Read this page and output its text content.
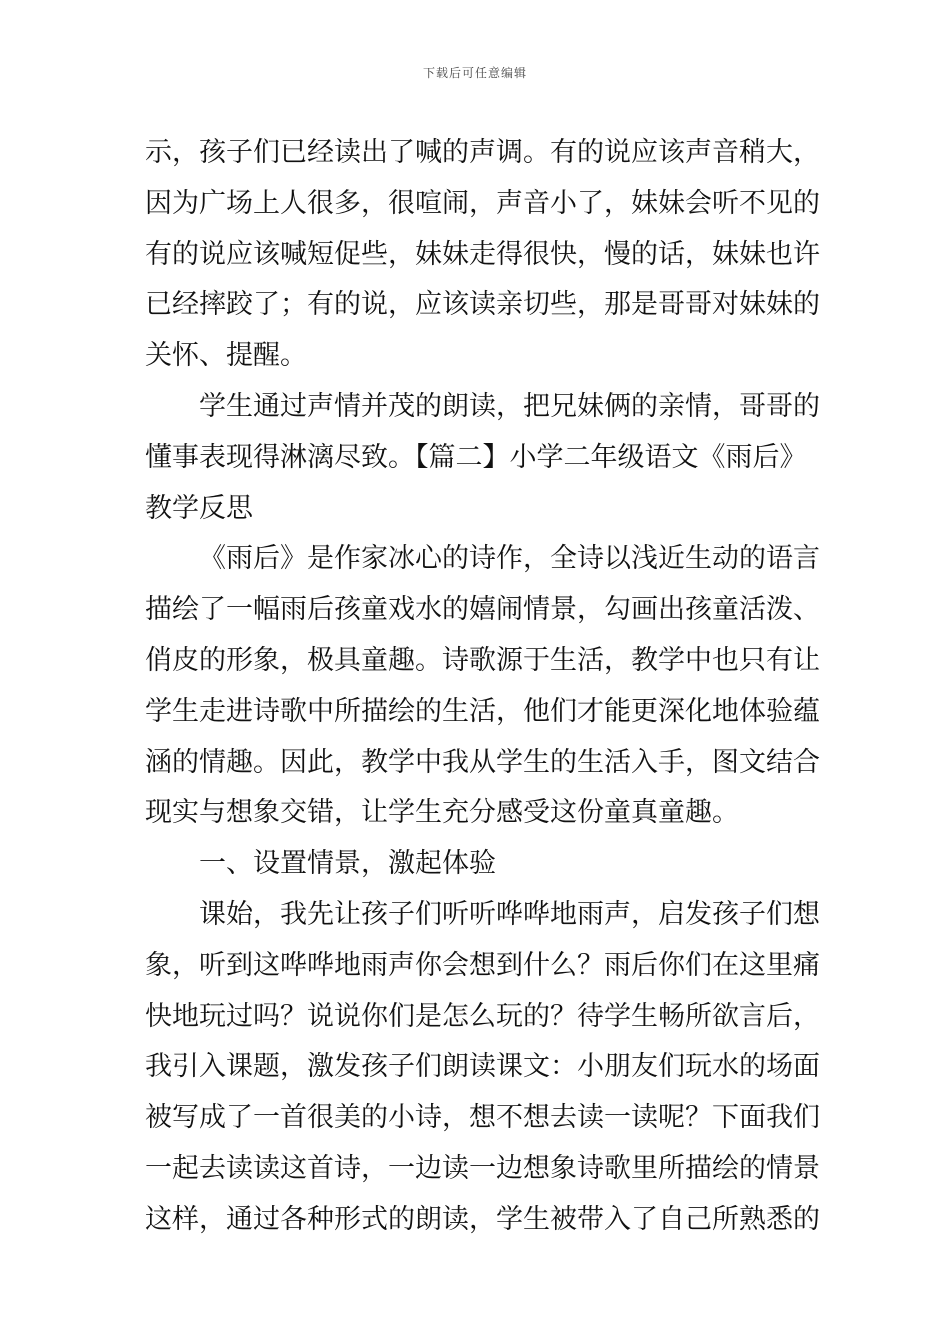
下载后可任意编辑
示，孩子们已经读出了喊的声调。有的说应该声音稍大，
因为广场上人很多，很喧闹，声音小了，妹妹会听不见的
有的说应该喊短促些，妹妹走得很快，慢的话，妹妹也许
已经摔跤了；有的说，应该读亲切些，那是哥哥对妹妹的
关怀、提醒。
学生通过声情并茂的朗读，把兄妹俩的亲情，哥哥的
懂事表现得淋漓尽致。【篇二】小学二年级语文《雨后》
教学反思
《雨后》是作家冰心的诗作，全诗以浅近生动的语言
描绘了一幅雨后孩童戏水的嬉闹情景，勾画出孩童活泼、
俏皮的形象，极具童趣。诗歌源于生活，教学中也只有让
学生走进诗歌中所描绘的生活，他们才能更深化地体验蕴
涵的情趣。因此，教学中我从学生的生活入手，图文结合
现实与想象交错，让学生充分感受这份童真童趣。
一、设置情景，激起体验
课始，我先让孩子们听听哗哗地雨声，启发孩子们想
象，听到这哗哗地雨声你会想到什么？雨后你们在这里痛
快地玩过吗？说说你们是怎么玩的？待学生畅所欲言后，
我引入课题，激发孩子们朗读课文：小朋友们玩水的场面
被写成了一首很美的小诗，想不想去读一读呢？下面我们
一起去读读这首诗，一边读一边想象诗歌里所描绘的情景
这样，通过各种形式的朗读，学生被带入了自己所熟悉的
